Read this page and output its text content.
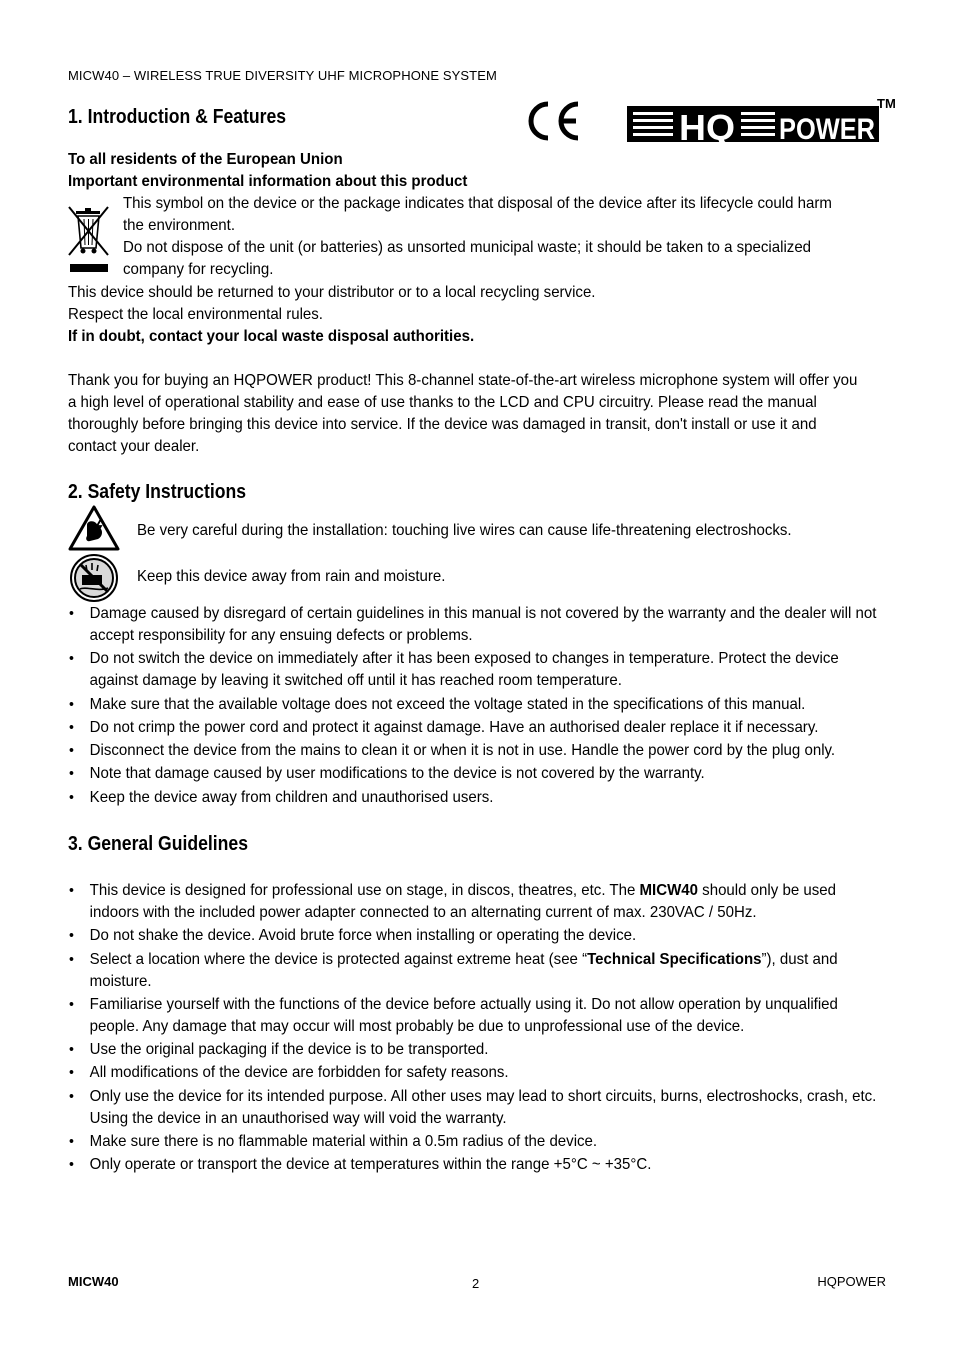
MICW40 – WIRELESS TRUE DIVERSITY UHF MICROPHONE SYSTEM
1. Introduction & Features	HQ POWER
TM
To all residents of the European Union
Important environmental information about this product
This symbol on the device or the package indicates that disposal of the device after its lifecycle could harm
the environment.
Do not dispose of the unit (or batteries) as unsorted municipal waste; it should be taken to a specialized
company for recycling.
This device should be returned to your distributor or to a local recycling service.
Respect the local environmental rules.
If in doubt, contact your local waste disposal authorities.
Thank you for buying an HQPOWER product! This 8-channel state-of-the-art wireless microphone system will offer you
a high level of operational stability and ease of use thanks to the LCD and CPU circuitry. Please read the manual
thoroughly before bringing this device into service. If the device was damaged in transit, don't install or use it and
contact your dealer.
2. Safety Instructions
Be very careful during the installation: touching live wires can cause life-threatening electroshocks.
Keep this device away from rain and moisture.
• Damage caused by disregard of certain guidelines in this manual is not covered by the warranty and the dealer will not accept responsibility for any ensuing defects or problems.
• Do not switch the device on immediately after it has been exposed to changes in temperature. Protect the device against damage by leaving it switched off until it has reached room temperature.
• Make sure that the available voltage does not exceed the voltage stated in the specifications of this manual.
• Do not crimp the power cord and protect it against damage. Have an authorised dealer replace it if necessary.
• Disconnect the device from the mains to clean it or when it is not in use. Handle the power cord by the plug only.
• Note that damage caused by user modifications to the device is not covered by the warranty.
• Keep the device away from children and unauthorised users.
3. General Guidelines
• This device is designed for professional use on stage, in discos, theatres, etc. The MICW40 should only be used indoors with the included power adapter connected to an alternating current of max. 230VAC / 50Hz.
• Do not shake the device. Avoid brute force when installing or operating the device.
• Select a location where the device is protected against extreme heat (see “Technical Specifications”), dust and moisture.
• Familiarise yourself with the functions of the device before actually using it. Do not allow operation by unqualified people. Any damage that may occur will most probably be due to unprofessional use of the device.
• Use the original packaging if the device is to be transported.
• All modifications of the device are forbidden for safety reasons.
• Only use the device for its intended purpose. All other uses may lead to short circuits, burns, electroshocks, crash, etc. Using the device in an unauthorised way will void the warranty.
• Make sure there is no flammable material within a 0.5m radius of the device.
• Only operate or transport the device at temperatures within the range +5°C ~ +35°C.
MICW40	2	HQPOWER
